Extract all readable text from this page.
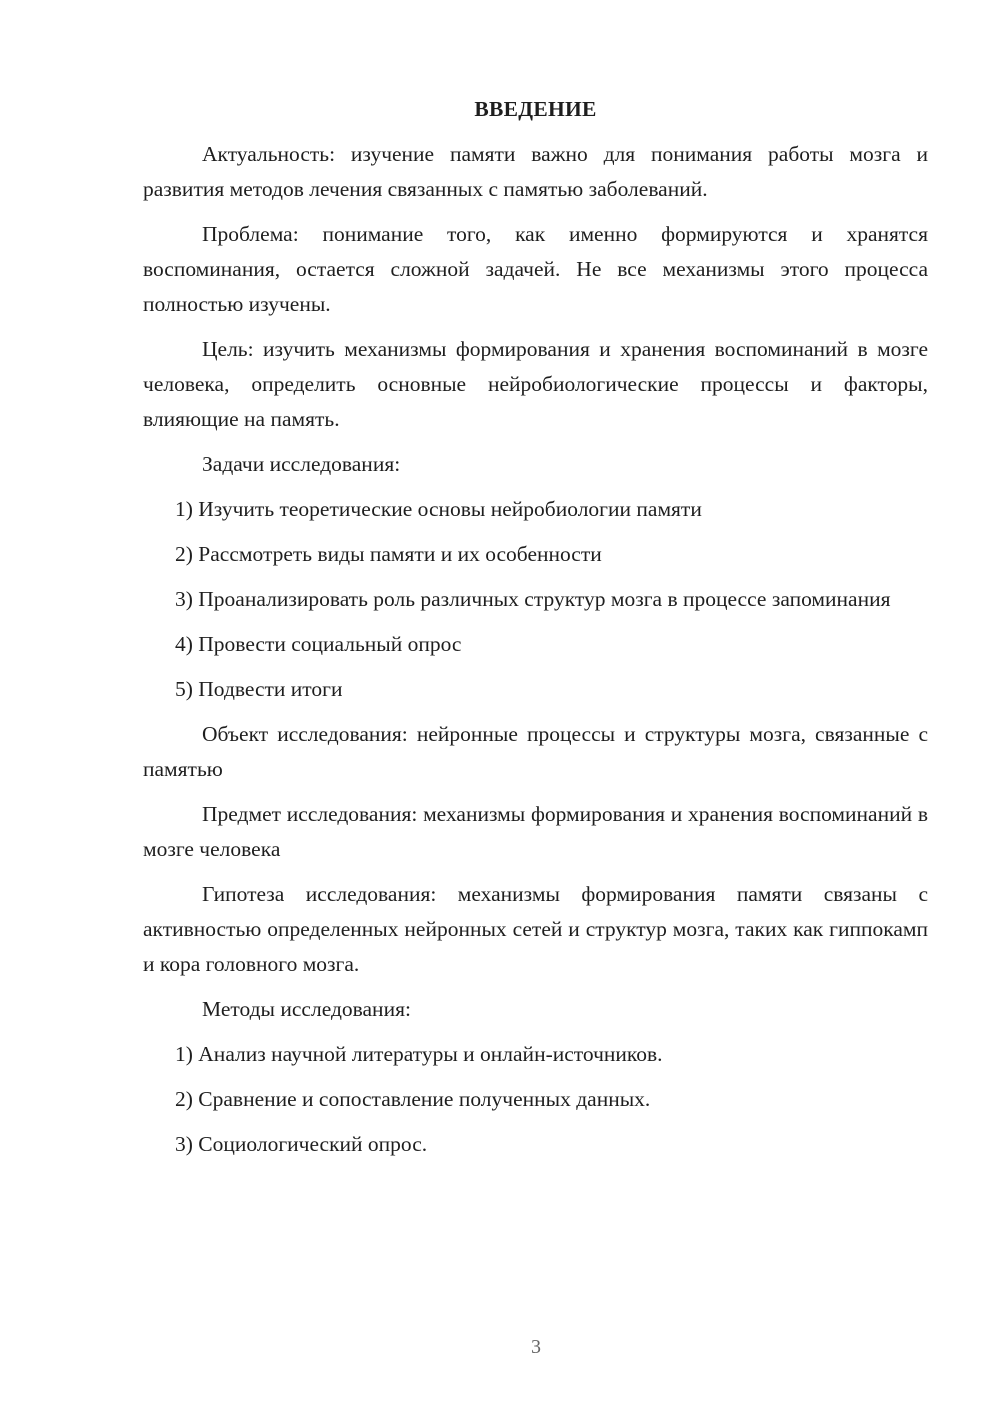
ВВЕДЕНИЕ

Актуальность: изучение памяти важно для понимания работы мозга и развития методов лечения связанных с памятью заболеваний.

Проблема: понимание того, как именно формируются и хранятся воспоминания, остается сложной задачей. Не все механизмы этого процесса полностью изучены.

Цель: изучить механизмы формирования и хранения воспоминаний в мозге человека, определить основные нейробиологические процессы и факторы, влияющие на память.

Задачи исследования:

1) Изучить теоретические основы нейробиологии памяти

2) Рассмотреть виды памяти и их особенности

3) Проанализировать роль различных структур мозга в процессе запоминания

4) Провести социальный опрос

5) Подвести итоги

Объект исследования: нейронные процессы и структуры мозга, связанные с памятью

Предмет исследования: механизмы формирования и хранения воспоминаний в мозге человека

Гипотеза исследования: механизмы формирования памяти связаны с активностью определенных нейронных сетей и структур мозга, таких как гиппокамп и кора головного мозга.

Методы исследования:

1) Анализ научной литературы и онлайн-источников.

2) Сравнение и сопоставление полученных данных.

3) Социологический опрос.

3
